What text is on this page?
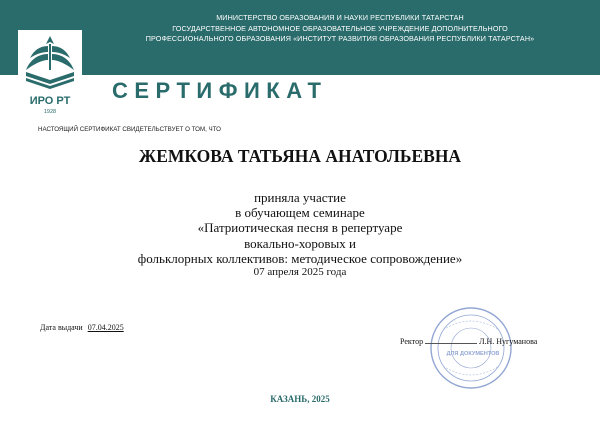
МИНИСТЕРСТВО ОБРАЗОВАНИЯ И НАУКИ РЕСПУБЛИКИ ТАТАРСТАН
ГОСУДАРСТВЕННОЕ АВТОНОМНОЕ ОБРАЗОВАТЕЛЬНОЕ УЧРЕЖДЕНИЕ ДОПОЛНИТЕЛЬНОГО
ПРОФЕССИОНАЛЬНОГО ОБРАЗОВАНИЯ «ИНСТИТУТ РАЗВИТИЯ ОБРАЗОВАНИЯ РЕСПУБЛИКИ ТАТАРСТАН»
ИРО РТ
1928
СЕРТИФИКАТ
НАСТОЯЩИЙ СЕРТИФИКАТ СВИДЕТЕЛЬСТВУЕТ О ТОМ, ЧТО
ЖЕМКОВА ТАТЬЯНА АНАТОЛЬЕВНА
приняла участие
в обучающем семинаре
«Патриотическая песня в репертуаре
вокально-хоровых и
фольклорных коллективов: методическое сопровождение»
07 апреля 2025 года
Дата выдачи 07.04.2025
ДЛЯ ДОКУМЕНТОВ
Ректор	Л.Н. Нугуманова
КАЗАНЬ, 2025
